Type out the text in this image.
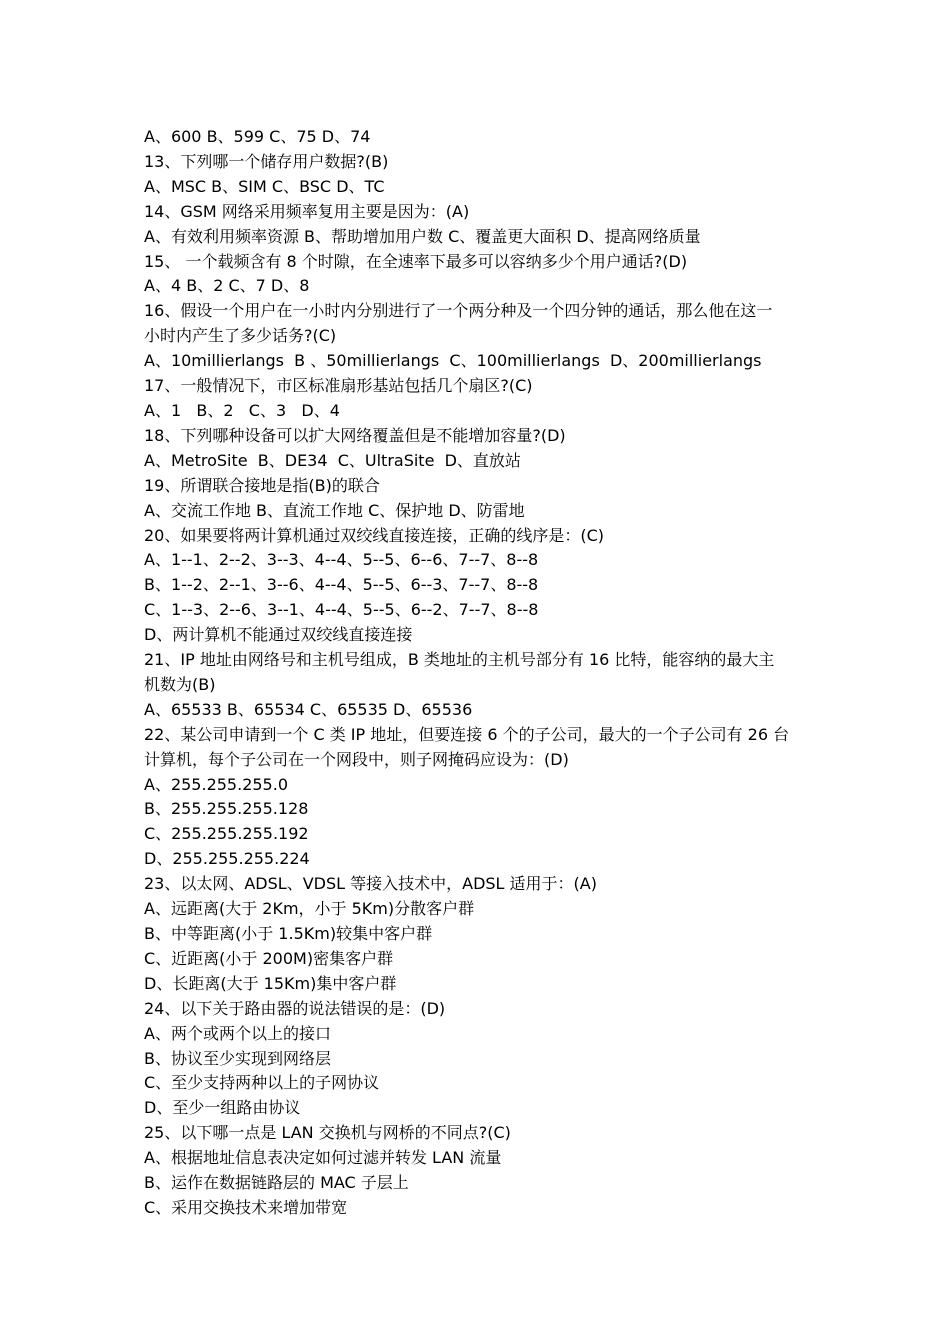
A、600 B、599 C、75 D、74

13、下列哪一个储存用户数据?(B)

A、MSC B、SIM C、BSC D、TC

14、GSM 网络采用频率复用主要是因为：(A)

A、有效利用频率资源 B、帮助增加用户数 C、覆盖更大面积 D、提高网络质量

15、 一个载频含有 8 个时隙，在全速率下最多可以容纳多少个用户通话?(D)

A、4 B、2 C、7 D、8

16、假设一个用户在一小时内分别进行了一个两分种及一个四分钟的通话，那么他在这一

小时内产生了多少话务?(C)

A、10millierlangs  B 、50millierlangs  C、100millierlangs  D、200millierlangs

17、一般情况下，市区标准扇形基站包括几个扇区?(C)

A、1   B、2   C、3   D、4

18、下列哪种设备可以扩大网络覆盖但是不能增加容量?(D)

A、MetroSite  B、DE34  C、UltraSite  D、直放站

19、所谓联合接地是指(B)的联合

A、交流工作地 B、直流工作地 C、保护地 D、防雷地

20、如果要将两计算机通过双绞线直接连接，正确的线序是：(C)

A、1--1、2--2、3--3、4--4、5--5、6--6、7--7、8--8

B、1--2、2--1、3--6、4--4、5--5、6--3、7--7、8--8

C、1--3、2--6、3--1、4--4、5--5、6--2、7--7、8--8

D、两计算机不能通过双绞线直接连接

21、IP 地址由网络号和主机号组成，B 类地址的主机号部分有 16 比特，能容纳的最大主

机数为(B)

A、65533 B、65534 C、65535 D、65536

22、某公司申请到一个 C 类 IP 地址，但要连接 6 个的子公司，最大的一个子公司有 26 台

计算机，每个子公司在一个网段中，则子网掩码应设为：(D)

A、255.255.255.0

B、255.255.255.128

C、255.255.255.192

D、255.255.255.224

23、以太网、ADSL、VDSL 等接入技术中，ADSL 适用于：(A)

A、远距离(大于 2Km，小于 5Km)分散客户群

B、中等距离(小于 1.5Km)较集中客户群

C、近距离(小于 200M)密集客户群

D、长距离(大于 15Km)集中客户群

24、以下关于路由器的说法错误的是：(D)

A、两个或两个以上的接口

B、协议至少实现到网络层

C、至少支持两种以上的子网协议

D、至少一组路由协议

25、以下哪一点是 LAN 交换机与网桥的不同点?(C)

A、根据地址信息表决定如何过滤并转发 LAN 流量

B、运作在数据链路层的 MAC 子层上

C、采用交换技术来增加带宽
